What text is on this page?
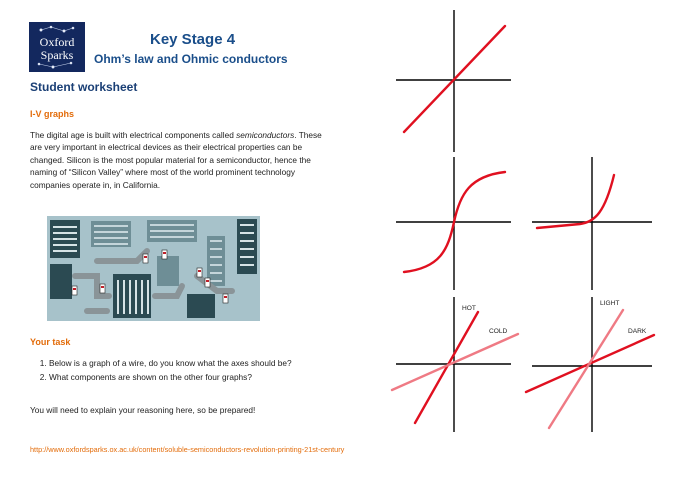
Oxford
Sparks
Key Stage 4
Ohm’s law and Ohmic conductors
Student worksheet
I-V graphs
The digital age is built with electrical components called semiconductors. These are very important in electrical devices as their electrical properties can be changed. Silicon is the most popular material for a semiconductor, hence the naming of “Silicon Valley” where most of the world prominent technology companies operate in, in California.
Your task
1. Below is a graph of a wire, do you know what the axes should be?
2. What components are shown on the other four graphs?
You will need to explain your reasoning here, so be prepared!
http://www.oxfordsparks.ox.ac.uk/content/soluble-semiconductors-revolution-printing-21st-century
HOT
COLD
LIGHT
DARK
